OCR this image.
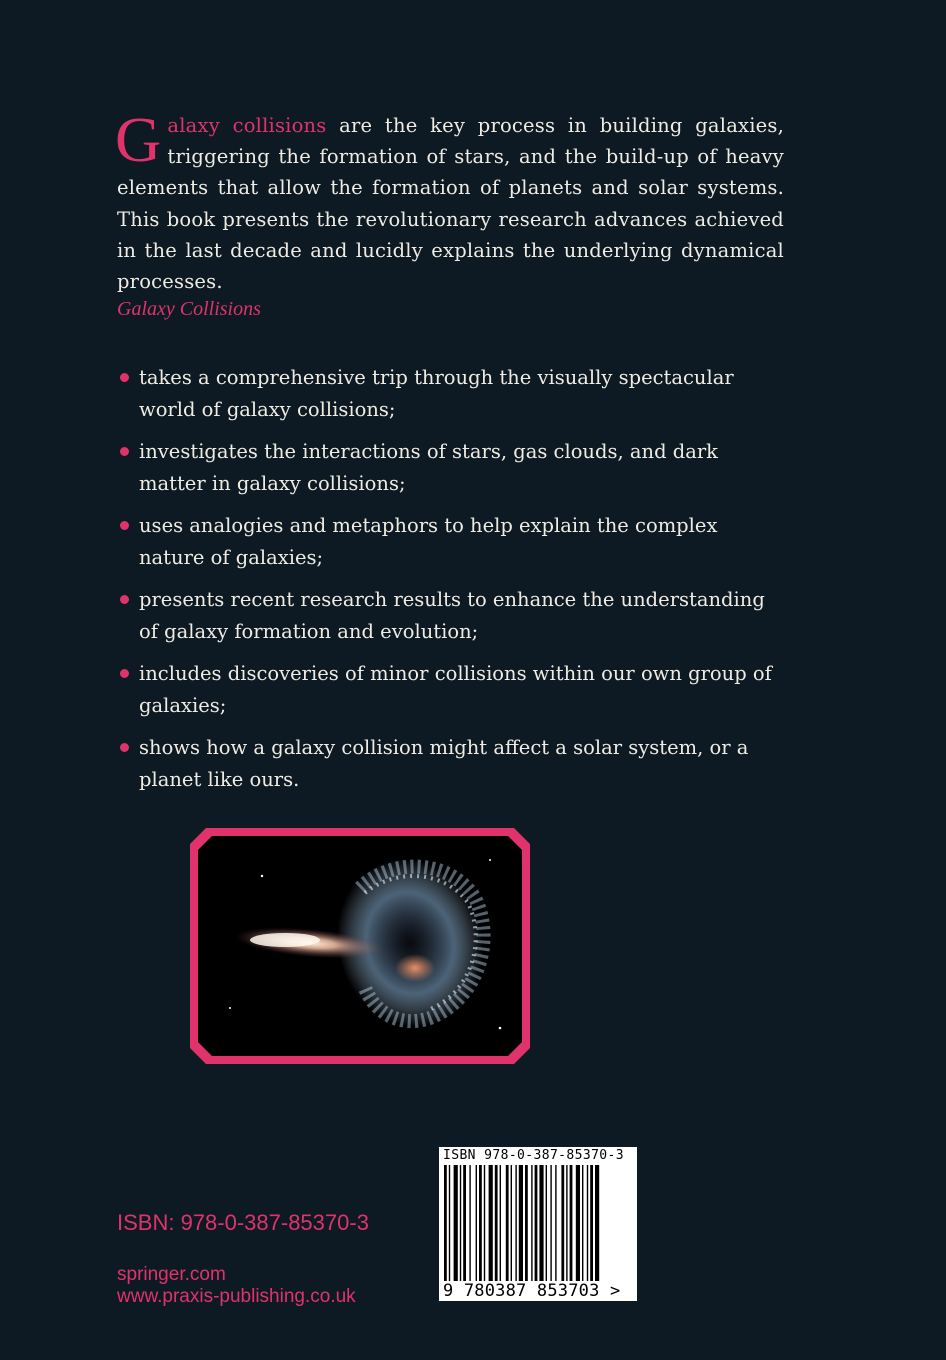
Galaxy collisions are the key process in building galaxies, triggering the formation of stars, and the build-up of heavy elements that allow the formation of planets and solar systems. This book presents the revolutionary research advances achieved in the last decade and lucidly explains the underlying dynamical processes.

Galaxy Collisions

takes a comprehensive trip through the visually spectacular world of galaxy collisions;
investigates the interactions of stars, gas clouds, and dark matter in galaxy collisions;
uses analogies and metaphors to help explain the complex nature of galaxies;
presents recent research results to enhance the understanding of galaxy formation and evolution;
includes discoveries of minor collisions within our own group of galaxies;
shows how a galaxy collision might affect a solar system, or a planet like ours.

ISBN: 978-0-387-85370-3

springer.com
www.praxis-publishing.co.uk
ISBN 978-0-387-85370-3
9 780387 853703 >
